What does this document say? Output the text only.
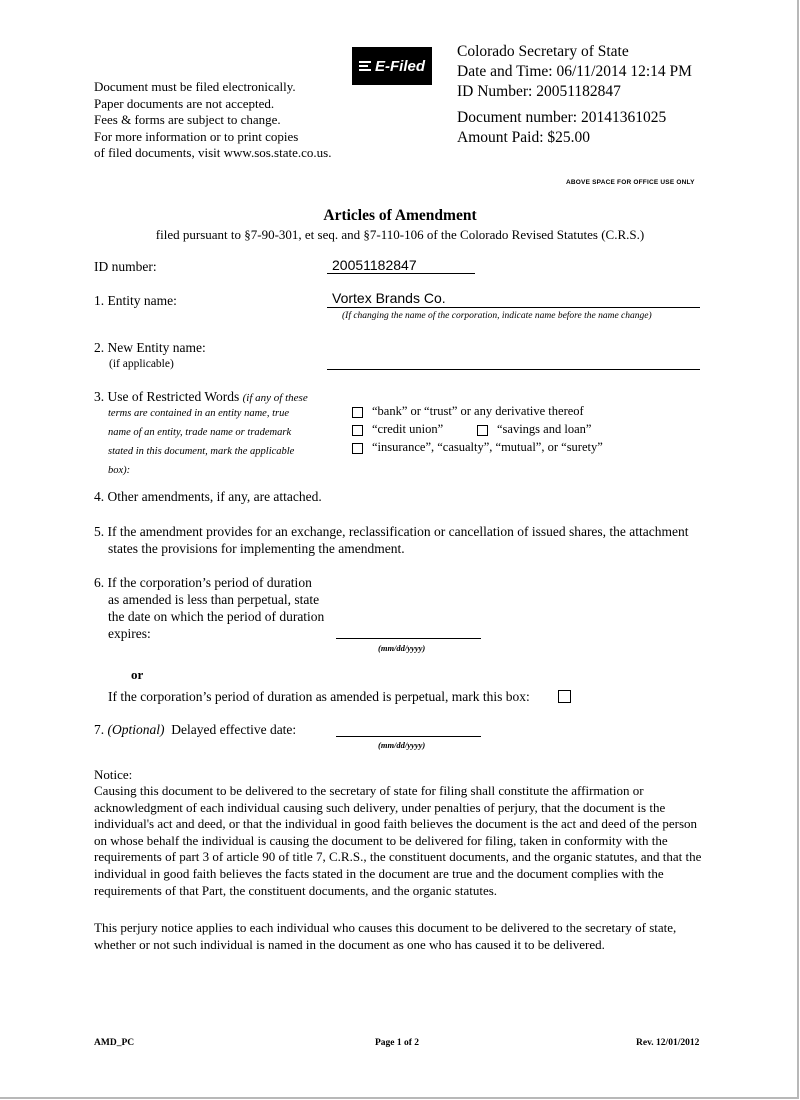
Document must be filed electronically.
Paper documents are not accepted.
Fees & forms are subject to change.
For more information or to print copies
of filed documents, visit www.sos.state.co.us.
E-Filed
Colorado Secretary of State
Date and Time: 06/11/2014 12:14 PM
ID Number: 20051182847
Document number: 20141361025
Amount Paid: $25.00
ABOVE SPACE FOR OFFICE USE ONLY
Articles of Amendment
filed pursuant to §7-90-301, et seq. and §7-110-106 of the Colorado Revised Statutes (C.R.S.)
ID number:	20051182847
1. Entity name:	Vortex Brands Co.
(If changing the name of the corporation, indicate name before the name change)
2. New Entity name:
(if applicable)
3. Use of Restricted Words (if any of these
terms are contained in an entity name, true
name of an entity, trade name or trademark
stated in this document, mark the applicable
box):
“bank” or “trust” or any derivative thereof
“credit union”	“savings and loan”
“insurance”, “casualty”, “mutual”, or “surety”
4. Other amendments, if any, are attached.
5. If the amendment provides for an exchange, reclassification or cancellation of issued shares, the attachment
states the provisions for implementing the amendment.
6. If the corporation’s period of duration
as amended is less than perpetual, state
the date on which the period of duration
expires:
(mm/dd/yyyy)
or
If the corporation’s period of duration as amended is perpetual, mark this box:
7. (Optional) Delayed effective date:
(mm/dd/yyyy)
Notice:
Causing this document to be delivered to the secretary of state for filing shall constitute the affirmation or acknowledgment of each individual causing such delivery, under penalties of perjury, that the document is the individual's act and deed, or that the individual in good faith believes the document is the act and deed of the person on whose behalf the individual is causing the document to be delivered for filing, taken in conformity with the requirements of part 3 of article 90 of title 7, C.R.S., the constituent documents, and the organic statutes, and that the individual in good faith believes the facts stated in the document are true and the document complies with the requirements of that Part, the constituent documents, and the organic statutes.
This perjury notice applies to each individual who causes this document to be delivered to the secretary of state, whether or not such individual is named in the document as one who has caused it to be delivered.
AMD_PC	Page 1 of 2	Rev. 12/01/2012
